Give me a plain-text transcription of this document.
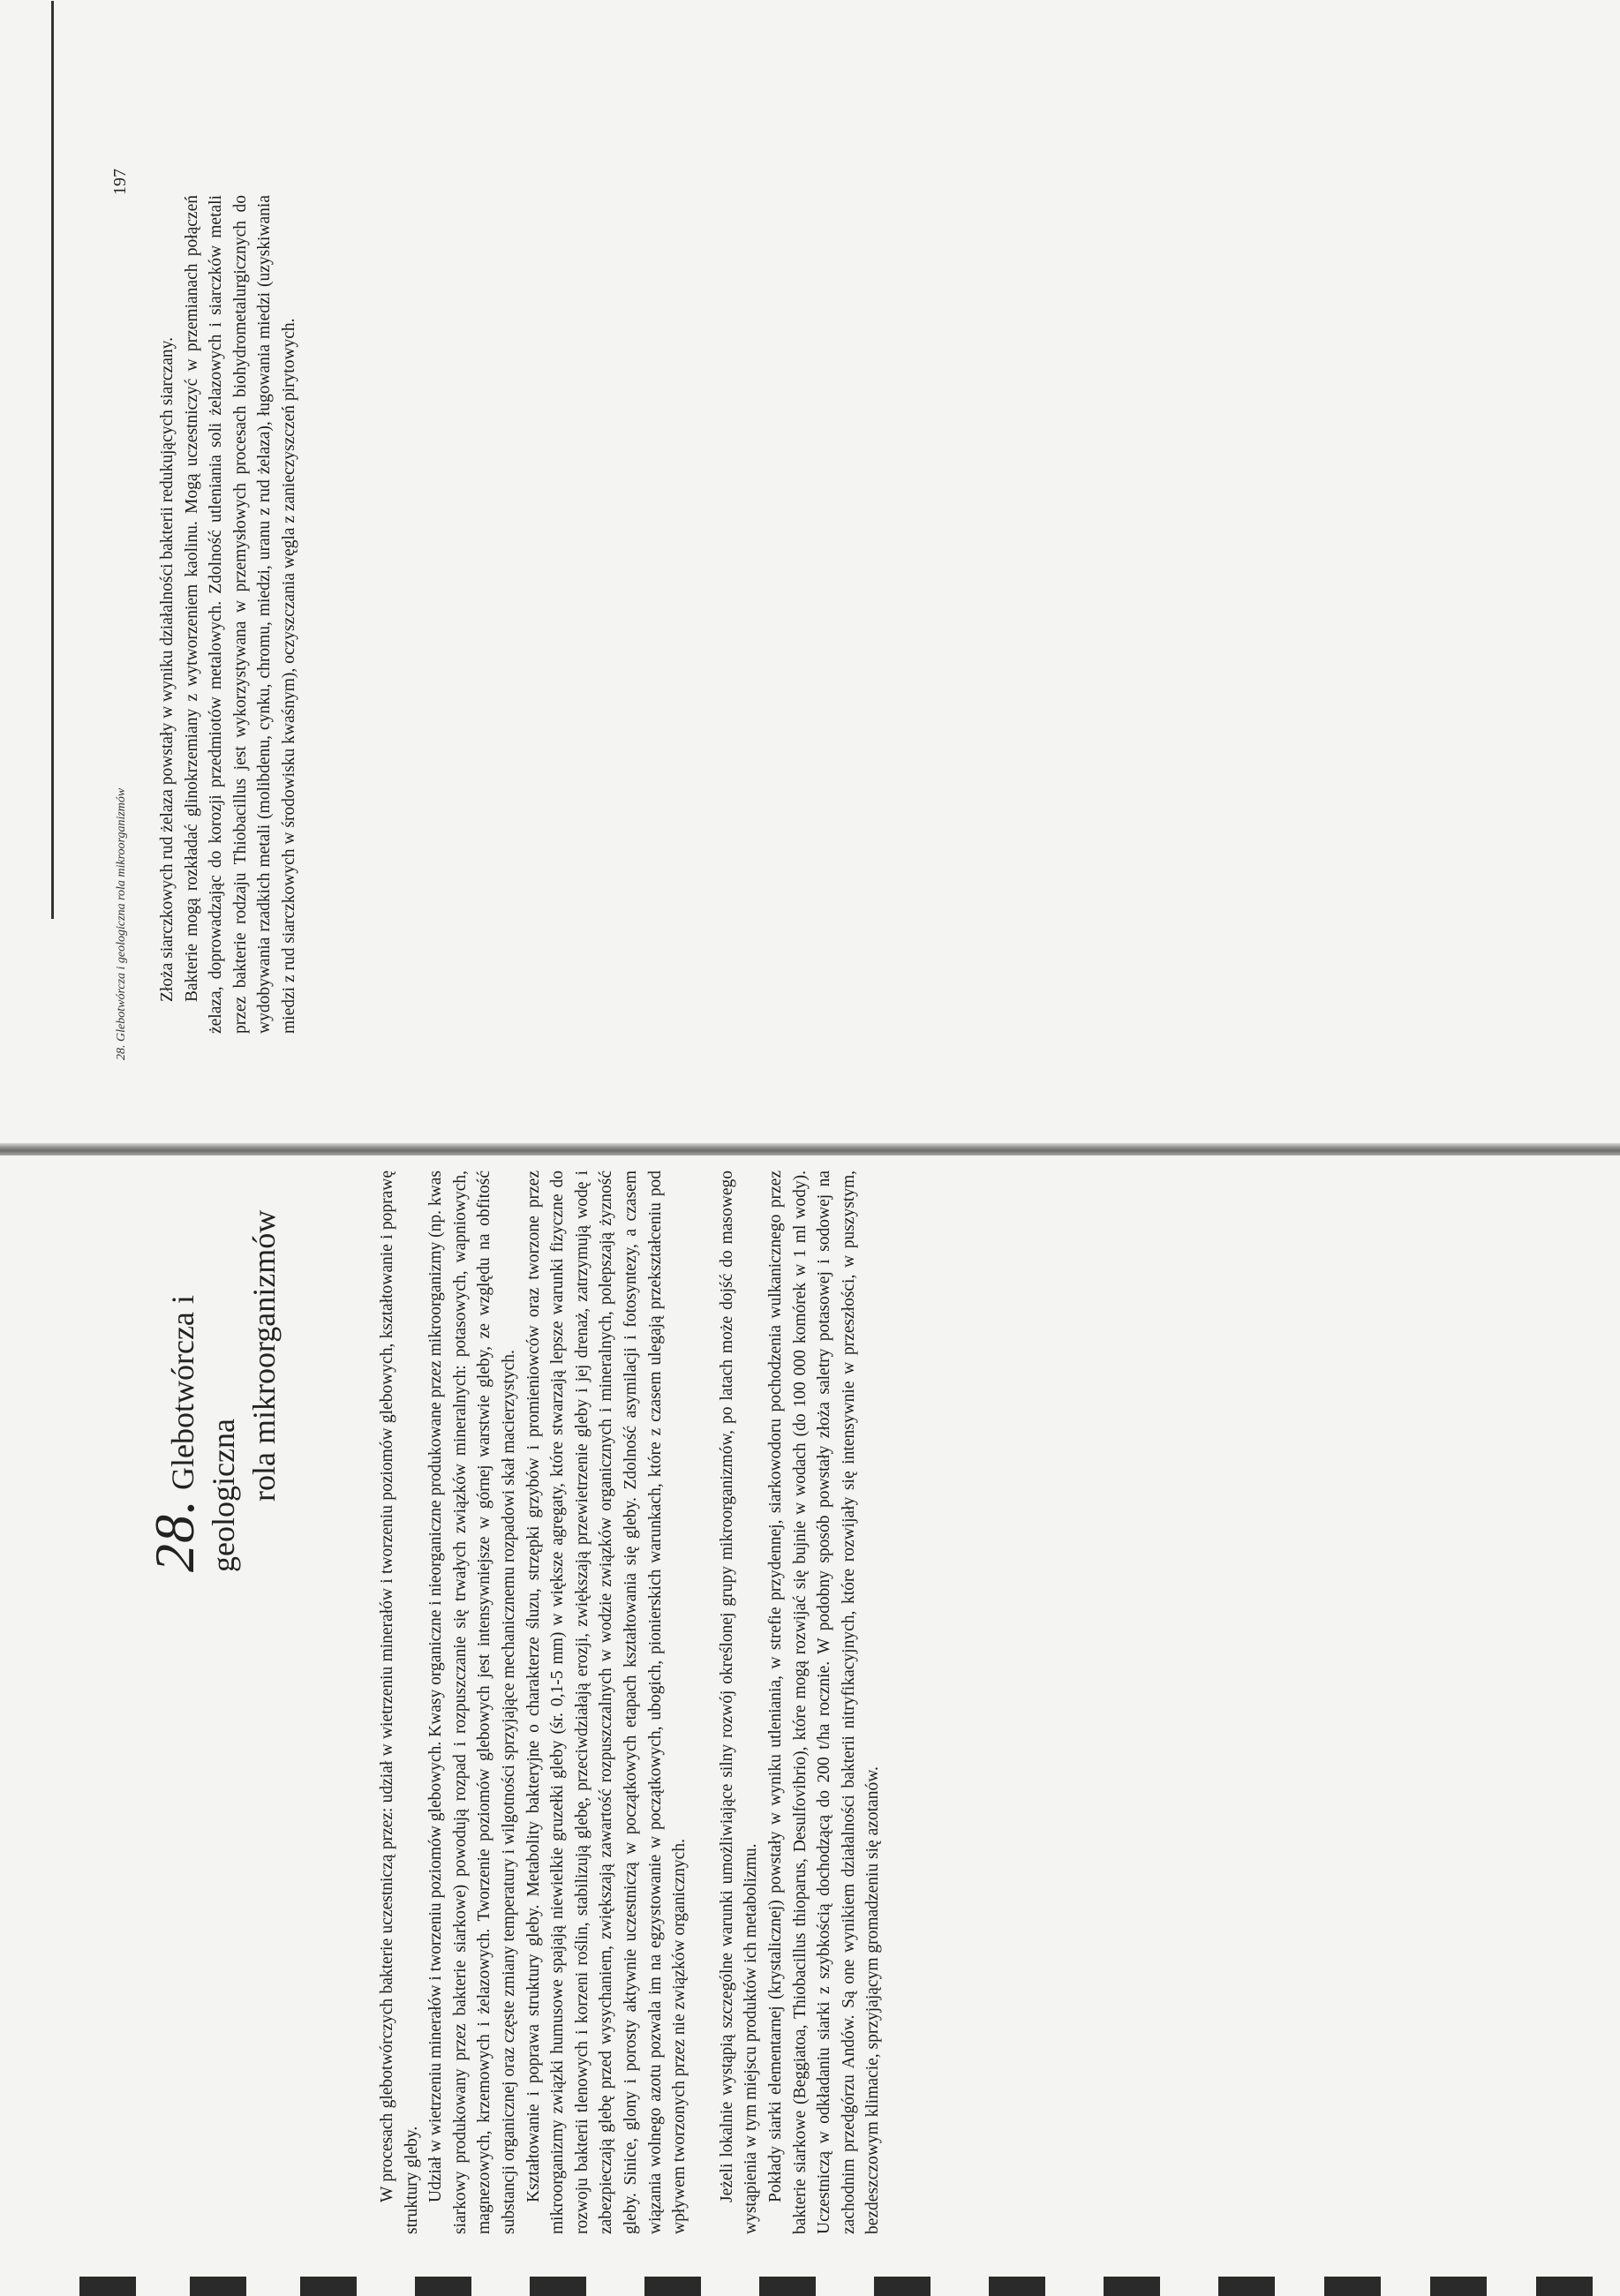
28.Glebotwórcza i geologiczna rola mikroorganizmów	W procesach glebotwórczych bakterie uczestniczą przez: udział w wietrzeniu minerałów i tworzeniu poziomów glebowych, kształtowanie i poprawę struktury gleby. Udział w wietrzeniu minerałów i tworzeniu poziomów glebowych. Kwasy organiczne i nieorganiczne produkowane przez mikroorganizmy (np. kwas siarkowy produkowany przez bakterie siarkowe) powodują rozpad i rozpuszczanie się trwałych związków mineralnych: potasowych, wapniowych, magnezowych, krzemowych i żelazowych. Tworzenie poziomów glebowych jest intensywniejsze w górnej warstwie gleby, ze względu na obfitość substancji organicznej oraz częste zmiany temperatury i wilgotności sprzyjające mechanicznemu rozpadowi skał macierzystych. Kształtowanie i poprawa struktury gleby. Metabolity bakteryjne o charakterze śluzu, strzępki grzybów i promieniowców oraz tworzone przez mikroorganizmy związki humusowe spajają niewielkie gruzełki gleby (śr. 0,1-5 mm) w większe agregaty, które stwarzają lepsze warunki fizyczne do rozwoju bakterii tlenowych i korzeni roślin, stabilizują glebę, przeciwdziałają erozji, zwiększają przewietrzenie gleby i jej drenaż, zatrzymują wodę i zabezpieczają glebę przed wysychaniem, zwiększają zawartość rozpuszczalnych w wodzie związków organicznych i mineralnych, polepszają żyzność gleby. Sinice, glony i porosty aktywnie uczestniczą w początkowych etapach kształtowania się gleby. Zdolność asymilacji i fotosyntezy, a czasem wiązania wolnego azotu pozwala im na egzystowanie w początkowych, ubogich, pionierskich warunkach, które z czasem ulegają przekształceniu pod wpływem tworzonych przez nie związków organicznych. Jeżeli lokalnie wystąpią szczególne warunki umożliwiające silny rozwój określonej grupy mikroorganizmów, po latach może dojść do masowego wystąpienia w tym miejscu produktów ich metabolizmu. Pokłady siarki elementarnej (krystalicznej) powstały w wyniku utleniania, w strefie przydennej, siarkowodoru pochodzenia wulkanicznego przez bakterie siarkowe (Beggiatoa, Thiobacillus thioparus, Desulfovibrio), które mogą rozwijać się bujnie w wodach (do 100 000 komórek w 1 ml wody). Uczestniczą w odkładaniu siarki z szybkością dochodzącą do 200 t/ha rocznie. W podobny sposób powstały złoża saletry potasowej i sodowej na zachodnim przedgórzu Andów. Są one wynikiem działalności bakterii nitryfikacyjnych, które rozwijały się intensywnie w przeszłości, w puszystym, bezdeszczowym klimacie, sprzyjającym gromadzeniu się azotanów.

28. Glebotwórcza i geologiczna rola mikroorganizmów
197

Złoża siarczkowych rud żelaza powstały w wyniku działalności bakterii redukujących siarczany. Bakterie mogą rozkładać glinokrzemiany z wytworzeniem kaolinu. Mogą uczestniczyć w przemianach połączeń żelaza, doprowadzając do korozji przedmiotów metalowych. Zdolność utleniania soli żelazowych i siarczków metali przez bakterie rodzaju Thiobacillus jest wykorzystywana w przemysłowych procesach biohydrometalurgicznych do wydobywania rzadkich metali (molibdenu, cynku, chromu, miedzi, uranu z rud żelaza), ługowania miedzi (uzyskiwania miedzi z rud siarczkowych w środowisku kwaśnym), oczyszczania węgla z zanieczyszczeń pirytowych.
